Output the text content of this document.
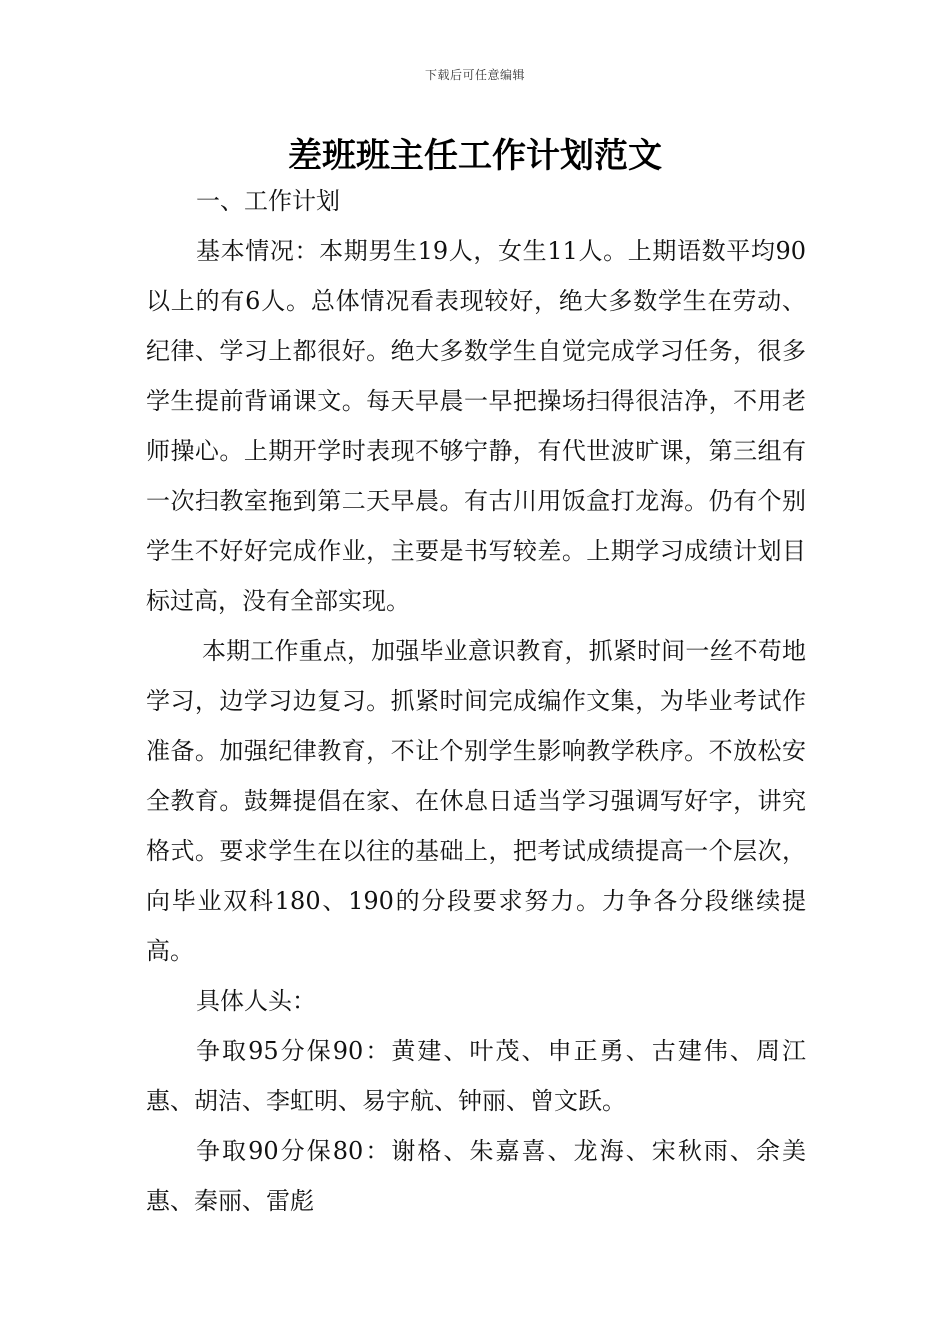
下载后可任意编辑
差班班主任工作计划范文

一、工作计划

基本情况：本期男生19人，女生11人。上期语数平均90以上的有6人。总体情况看表现较好，绝大多数学生在劳动、纪律、学习上都很好。绝大多数学生自觉完成学习任务，很多学生提前背诵课文。每天早晨一早把操场扫得很洁净，不用老师操心。上期开学时表现不够宁静，有代世波旷课，第三组有一次扫教室拖到第二天早晨。有古川用饭盒打龙海。仍有个别学生不好好完成作业，主要是书写较差。上期学习成绩计划目标过高，没有全部实现。

本期工作重点，加强毕业意识教育，抓紧时间一丝不苟地学习，边学习边复习。抓紧时间完成编作文集，为毕业考试作准备。加强纪律教育，不让个别学生影响教学秩序。不放松安全教育。鼓舞提倡在家、在休息日适当学习强调写好字，讲究格式。要求学生在以往的基础上，把考试成绩提高一个层次，向毕业双科180、190的分段要求努力。力争各分段继续提高。

具体人头：

争取95分保90：黄建、叶茂、申正勇、古建伟、周江惠、胡洁、李虹明、易宇航、钟丽、曾文跃。

争取90分保80：谢格、朱嘉喜、龙海、宋秋雨、余美惠、秦丽、雷彪
